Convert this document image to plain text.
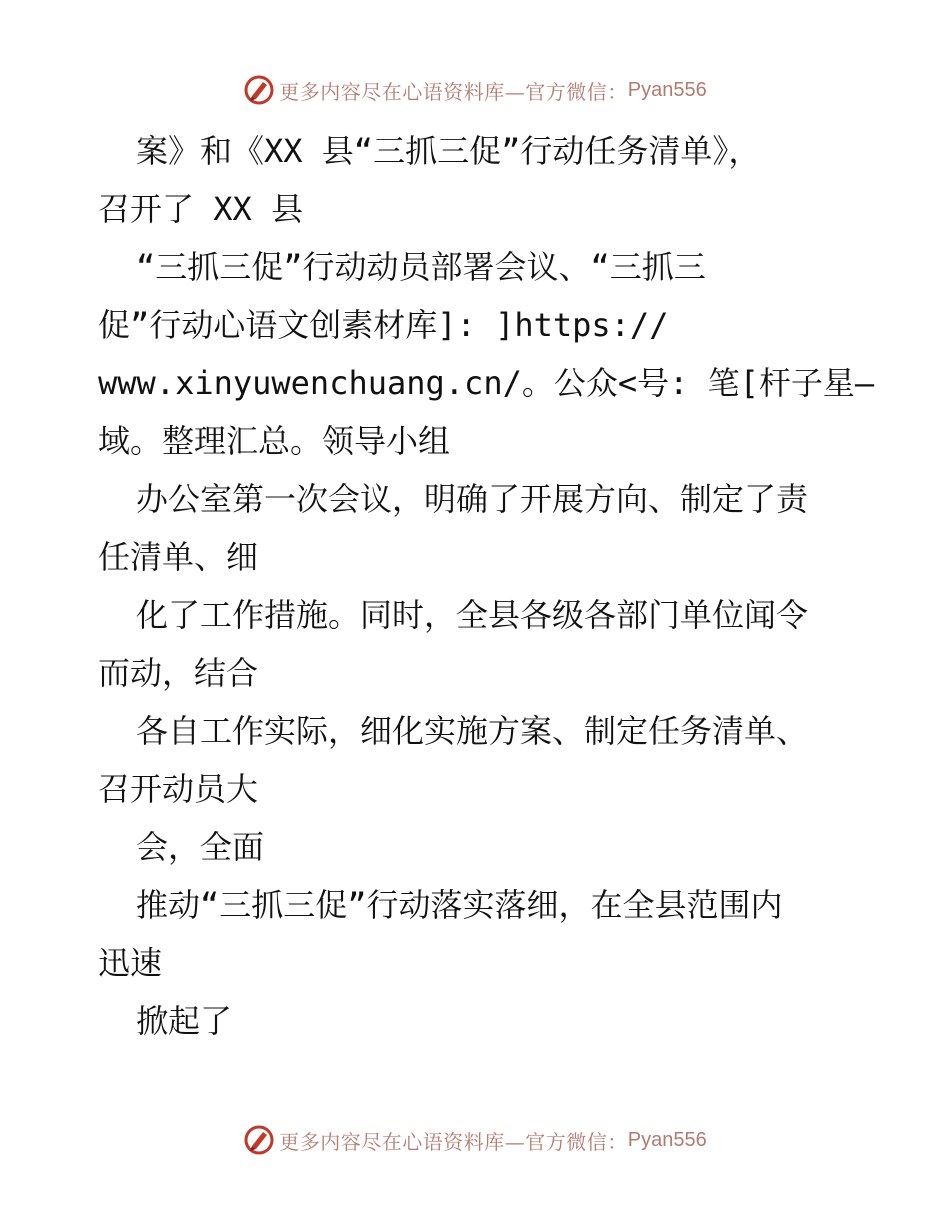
更多内容尽在心语资料库—官方微信： Pyan556
案》和《XX 县“三抓三促”行动任务清单》，
召开了 XX 县
“三抓三促”行动动员部署会议、“三抓三
促”行动心语文创素材库]: ]https://
www.xinyuwenchuang.cn/。公众<号: 笔[杆子星—
域。整理汇总。领导小组
办公室第一次会议，明确了开展方向、制定了责
任清单、细
化了工作措施。同时，全县各级各部门单位闻令
而动，结合
各自工作实际，细化实施方案、制定任务清单、
召开动员大
会，全面
推动“三抓三促”行动落实落细，在全县范围内
迅速
掀起了
更多内容尽在心语资料库—官方微信： Pyan556
